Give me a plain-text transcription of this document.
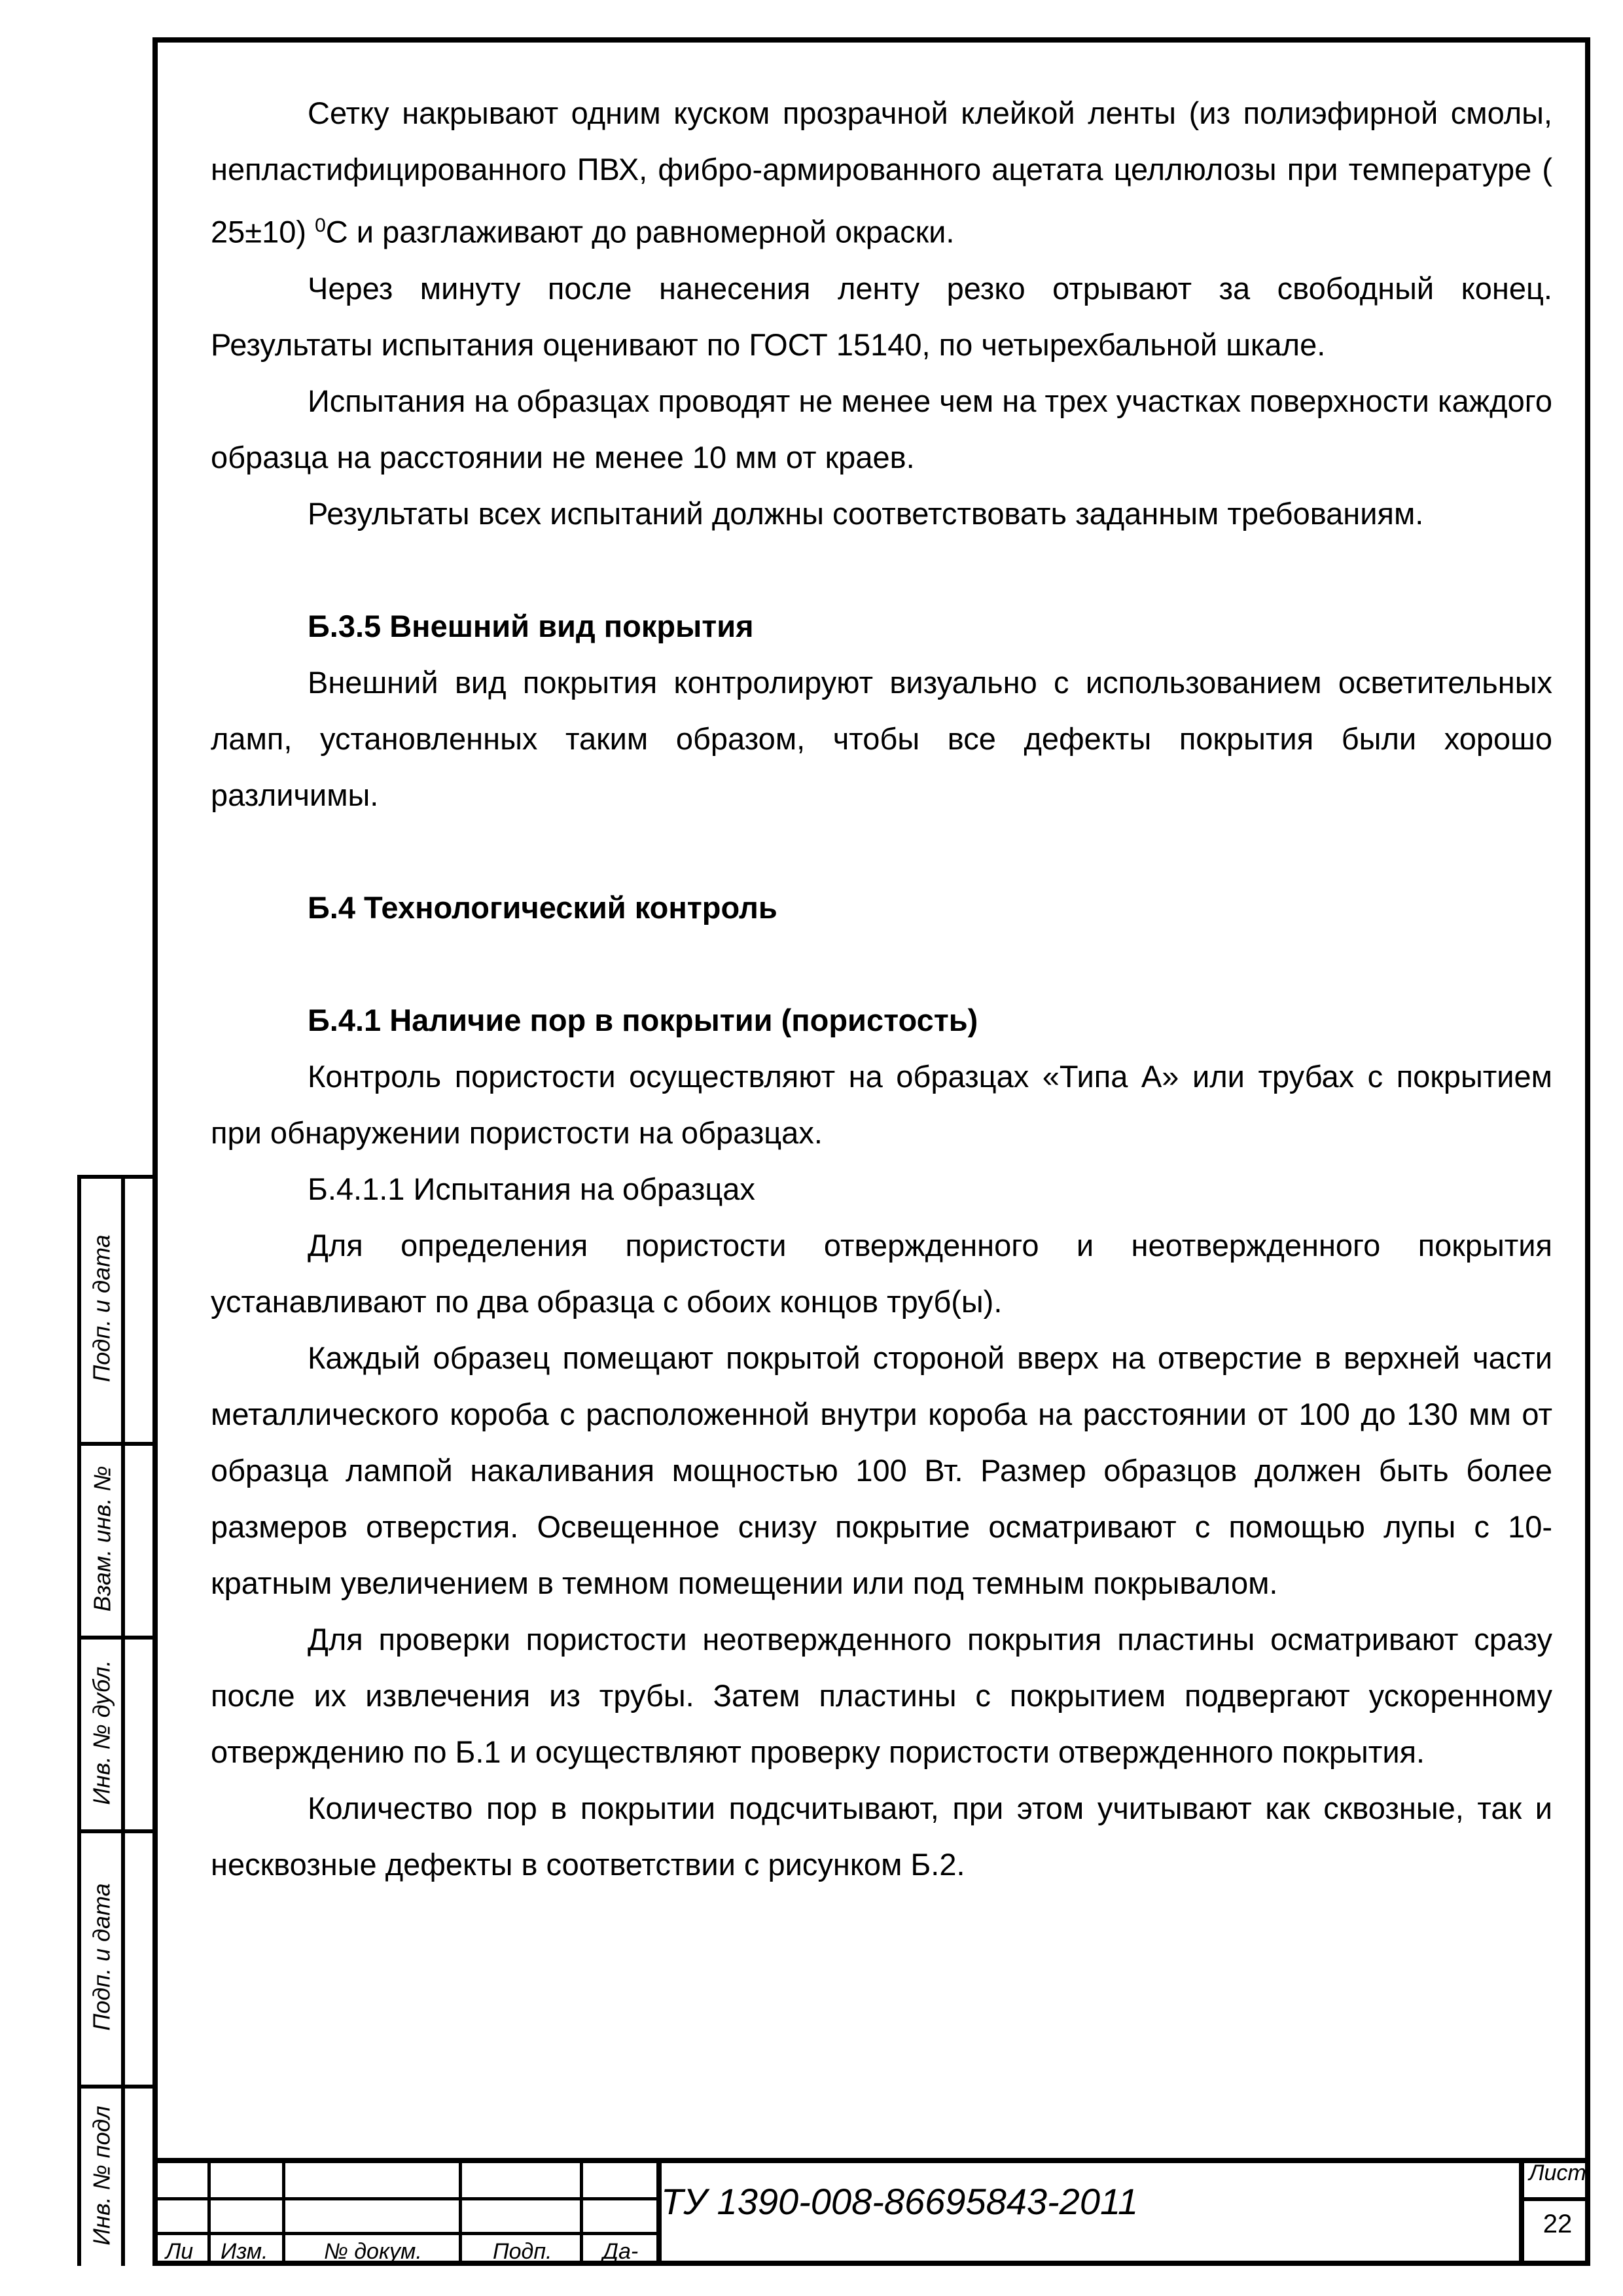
Сетку накрывают одним куском прозрачной клейкой ленты (из полиэфирной смолы, непластифицированного ПВХ, фибро-армированного ацетата целлюлозы при температуре ( 25±10) $^0$С и разглаживают до равномерной окраски.

Через минуту после нанесения ленту резко отрывают за свободный конец. Результаты испытания оценивают по ГОСТ 15140, по четырехбальной шкале.

Испытания на образцах проводят не менее чем на трех участках поверхности каждого образца на расстоянии не менее 10 мм от краев.

Результаты всех испытаний должны соответствовать заданным требованиям.

Б.3.5 Внешний вид покрытия

Внешний вид покрытия контролируют визуально с использованием осветительных ламп, установленных таким образом, чтобы все дефекты покрытия были хорошо различимы.

Б.4 Технологический контроль
Б.4.1 Наличие пор в покрытии (пористость)

Контроль пористости осуществляют на образцах «Типа А» или трубах с покрытием при обнаружении пористости на образцах.

Б.4.1.1 Испытания на образцах

Для определения пористости отвержденного и неотвержденного покрытия устанавливают по два образца с обоих концов труб(ы).

Каждый образец помещают покрытой стороной вверх на отверстие в верхней части металлического короба с расположенной внутри короба на расстоянии от 100 до 130 мм от образца лампой накаливания мощностью 100 Вт. Размер образцов должен быть более размеров отверстия. Освещенное снизу покрытие осматривают с помощью лупы с 10-кратным увеличением в темном помещении или под темным покрывалом.

Для проверки пористости неотвержденного покрытия пластины осматривают сразу после их извлечения из трубы. Затем пластины с покрытием подвергают ускоренному отверждению по Б.1 и осуществляют проверку пористости отвержденного покрытия.

Количество пор в покрытии подсчитывают, при этом учитывают как сквозные, так и несквозные дефекты в соответствии с рисунком Б.2.

Подп. и дата
Взам. инв. №
Инв. № дубл.
Подп. и дата
Инв. № подл
Ли Изм.	№ докум.	Подп. Да-
ТУ 1390-008-86695843-2011
Лист
22
